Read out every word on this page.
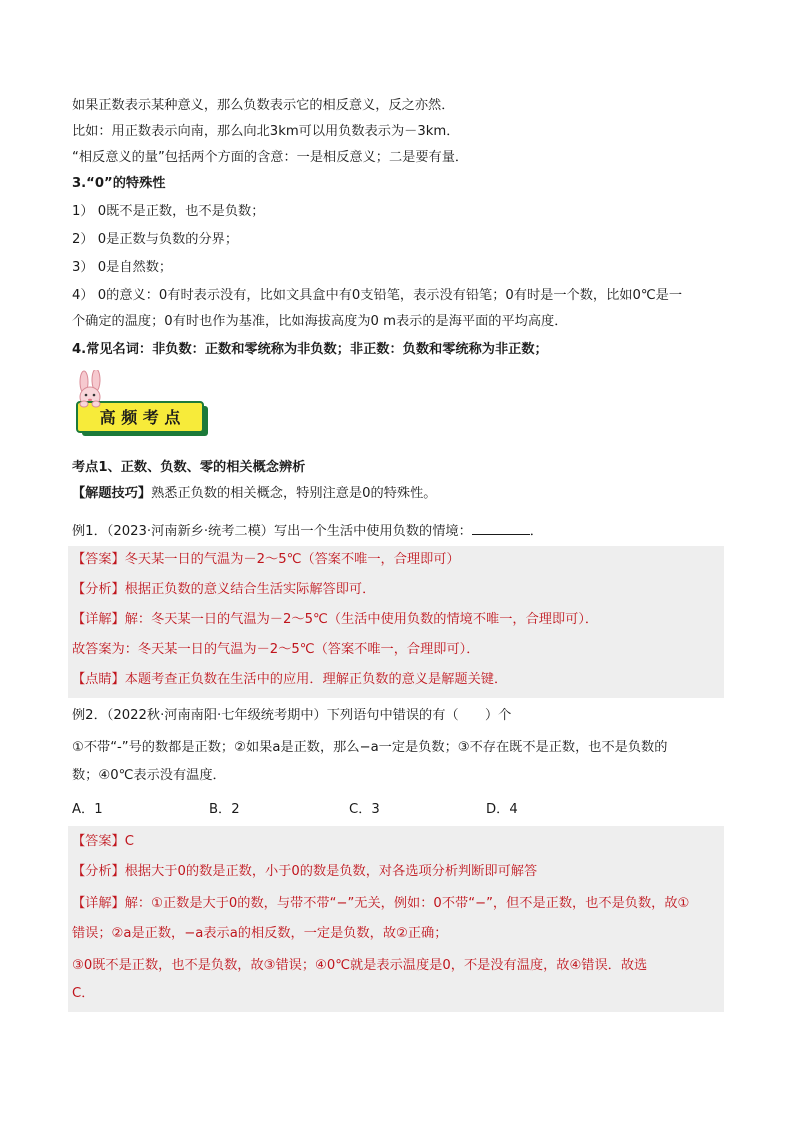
如果正数表示某种意义，那么负数表示它的相反意义，反之亦然．
比如：用正数表示向南，那么向北3km可以用负数表示为－3km．
“相反意义的量”包括两个方面的含意：一是相反意义；二是要有量．
3.“0”的特殊性
1） 0既不是正数，也不是负数；
2） 0是正数与负数的分界；
3） 0是自然数；
4） 0的意义：0有时表示没有，比如文具盒中有0支铅笔，表示没有铅笔；0有时是一个数，比如0℃是一
个确定的温度；0有时也作为基准，比如海拔高度为0 m表示的是海平面的平均高度．
4.常见名词：非负数：正数和零统称为非负数；非正数：负数和零统称为非正数；
高 频 考 点
考点1、正数、负数、零的相关概念辨析
【解题技巧】熟悉正负数的相关概念，特别注意是0的特殊性。
例1．（2023·河南新乡·统考二模）写出一个生活中使用负数的情境：	．
【答案】冬天某一日的气温为－2～5℃（答案不唯一，合理即可）
【分析】根据正负数的意义结合生活实际解答即可．
【详解】解：冬天某一日的气温为－2～5℃（生活中使用负数的情境不唯一，合理即可）．
故答案为：冬天某一日的气温为－2～5℃（答案不唯一，合理即可）．
【点睛】本题考查正负数在生活中的应用．理解正负数的意义是解题关键．
例2．（2022秋·河南南阳·七年级统考期中）下列语句中错误的有（　　）个
①不带“-”号的数都是正数；②如果a是正数，那么−a一定是负数；③不存在既不是正数，也不是负数的
数；④0℃表示没有温度．
A．1	B．2	C．3	D．4
【答案】C
【分析】根据大于0的数是正数，小于0的数是负数，对各选项分析判断即可解答
【详解】解：①正数是大于0的数，与带不带“−”无关，例如：0不带“−”，但不是正数，也不是负数，故①
错误；②a是正数，−a表示a的相反数，一定是负数，故②正确；
③0既不是正数，也不是负数，故③错误；④0℃就是表示温度是0，不是没有温度，故④错误．故选
C．
